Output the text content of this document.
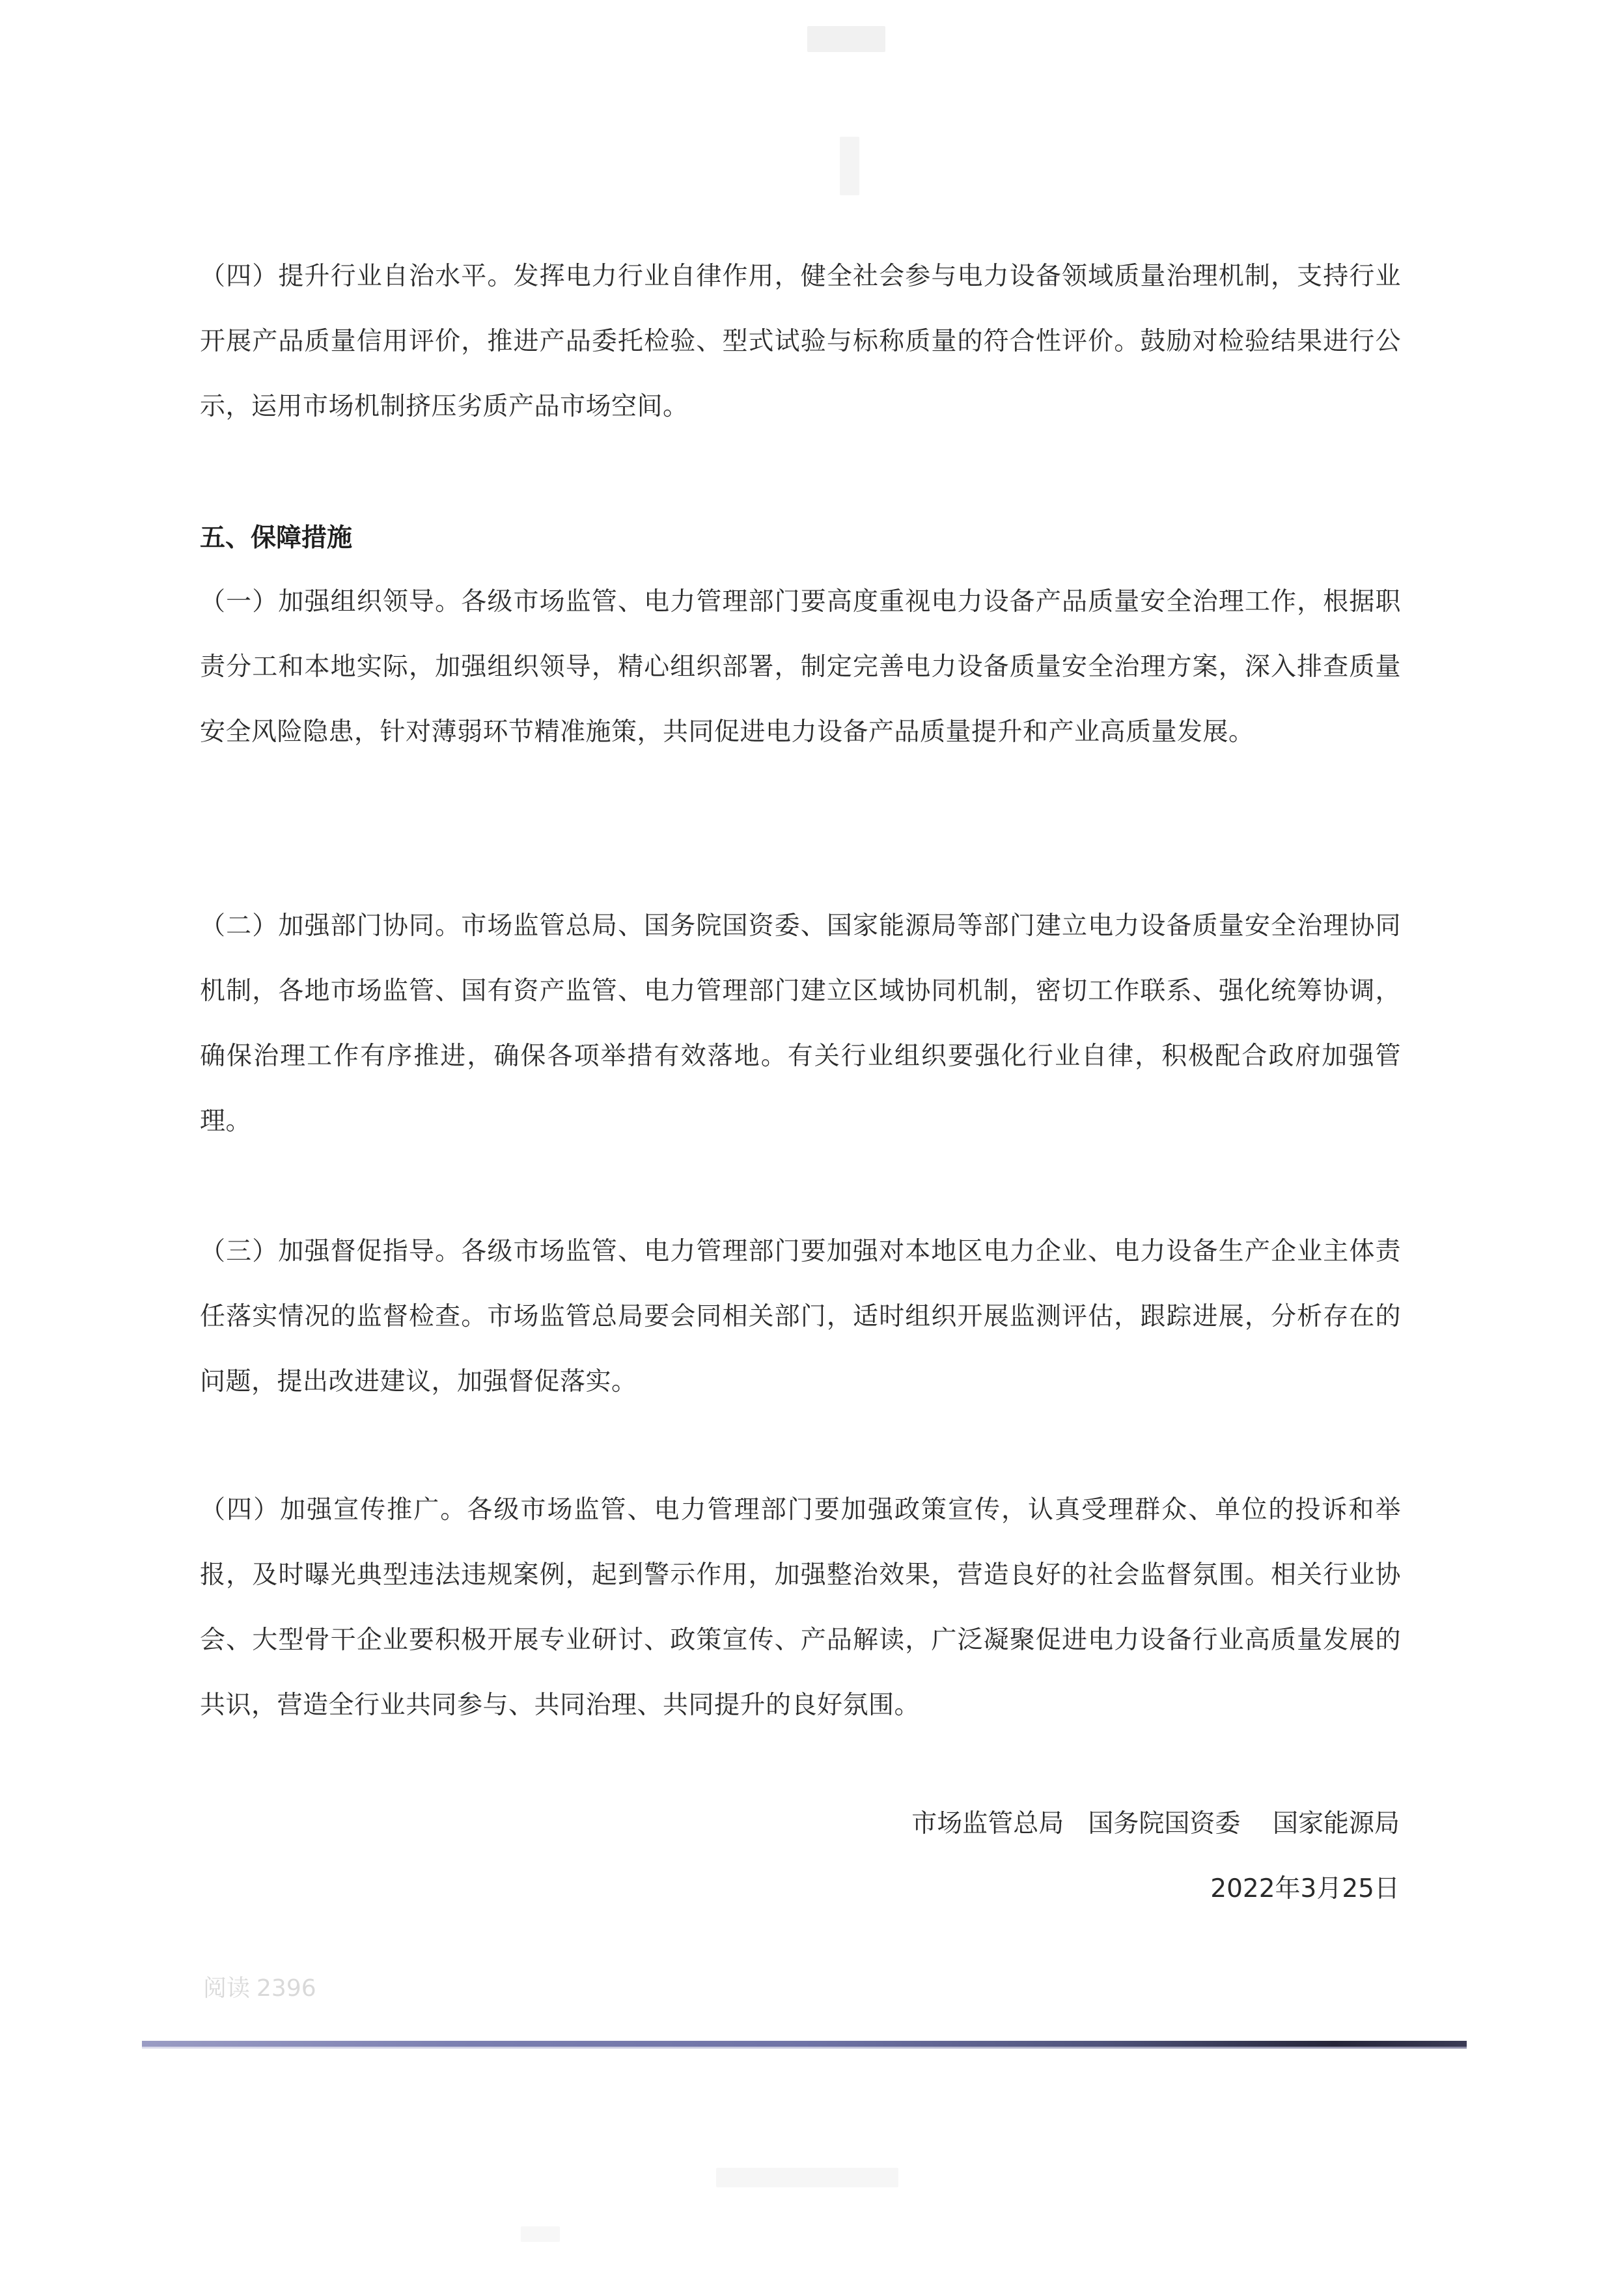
（四）提升行业自治水平。发挥电力行业自律作用，健全社会参与电力设备领域质量治理机制，支持行业开展产品质量信用评价，推进产品委托检验、型式试验与标称质量的符合性评价。鼓励对检验结果进行公示，运用市场机制挤压劣质产品市场空间。

五、保障措施

（一）加强组织领导。各级市场监管、电力管理部门要高度重视电力设备产品质量安全治理工作，根据职责分工和本地实际，加强组织领导，精心组织部署，制定完善电力设备质量安全治理方案，深入排查质量安全风险隐患，针对薄弱环节精准施策，共同促进电力设备产品质量提升和产业高质量发展。

（二）加强部门协同。市场监管总局、国务院国资委、国家能源局等部门建立电力设备质量安全治理协同机制，各地市场监管、国有资产监管、电力管理部门建立区域协同机制，密切工作联系、强化统筹协调，确保治理工作有序推进，确保各项举措有效落地。有关行业组织要强化行业自律，积极配合政府加强管理。

（三）加强督促指导。各级市场监管、电力管理部门要加强对本地区电力企业、电力设备生产企业主体责任落实情况的监督检查。市场监管总局要会同相关部门，适时组织开展监测评估，跟踪进展，分析存在的问题，提出改进建议，加强督促落实。

（四）加强宣传推广。各级市场监管、电力管理部门要加强政策宣传，认真受理群众、单位的投诉和举报，及时曝光典型违法违规案例，起到警示作用，加强整治效果，营造良好的社会监督氛围。相关行业协会、大型骨干企业要积极开展专业研讨、政策宣传、产品解读，广泛凝聚促进电力设备行业高质量发展的共识，营造全行业共同参与、共同治理、共同提升的良好氛围。

市场监管总局   国务院国资委    国家能源局

2022年3月25日

阅读 2396
